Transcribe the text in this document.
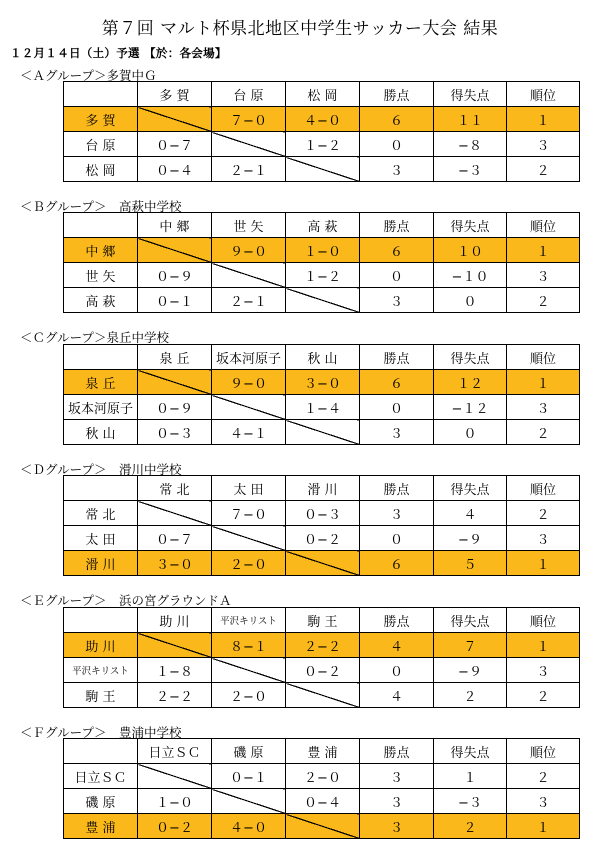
第７回 マルト杯県北地区中学生サッカー大会 結果
１２月１４日（土）予選 【於：各会場】
＜Ａグループ＞多賀中Ｇ
	多 賀	台 原	松 岡	勝点	得失点	順位
多 賀		７−０	４−０	６	１１	１
台 原	０−７		１−２	０	−８	３
松 岡	０−４	２−１		３	−３	２
＜Ｂグループ＞　高萩中学校
	中 郷	世 矢	高 萩	勝点	得失点	順位
中 郷		９−０	１−０	６	１０	１
世 矢	０−９		１−２	０	−１０	３
高 萩	０−１	２−１		３	０	２
＜Ｃグループ＞泉丘中学校
	泉 丘	坂本河原子	秋 山	勝点	得失点	順位
泉 丘		９−０	３−０	６	１２	１
坂本河原子	０−９		１−４	０	−１２	３
秋 山	０−３	４−１		３	０	２
＜Ｄグループ＞　滑川中学校
	常 北	太 田	滑 川	勝点	得失点	順位
常 北		７−０	０−３	３	４	２
太 田	０−７		０−２	０	−９	３
滑 川	３−０	２−０		６	５	１
＜Ｅグループ＞　浜の宮グラウンドＡ
	助 川	平沢キリスト	駒 王	勝点	得失点	順位
助 川		８−１	２−２	４	７	１
平沢キリスト	１−８		０−２	０	−９	３
駒 王	２−２	２−０		４	２	２
＜Ｆグループ＞　豊浦中学校
	日立ＳＣ	磯 原	豊 浦	勝点	得失点	順位
日立ＳＣ		０−１	２−０	３	１	２
磯 原	１−０		０−４	３	−３	３
豊 浦	０−２	４−０		３	２	１
